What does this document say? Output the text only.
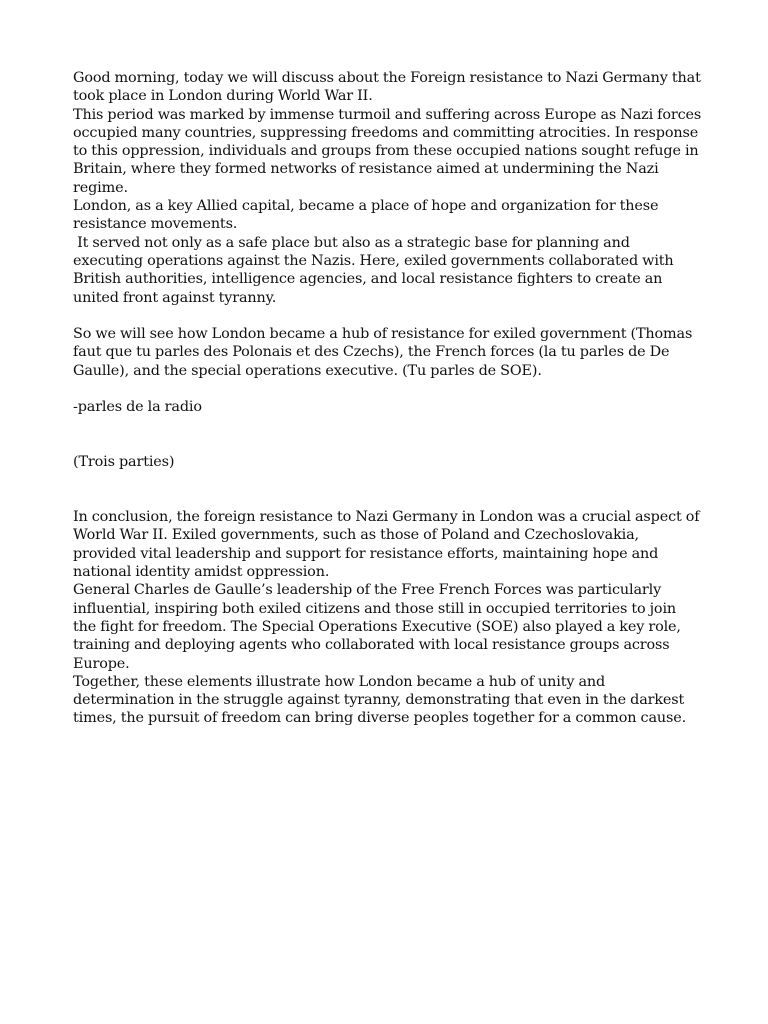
Good morning, today we will discuss about the Foreign resistance to Nazi Germany that took place in London during World War II.

This period was marked by immense turmoil and suffering across Europe as Nazi forces occupied many countries, suppressing freedoms and committing atrocities. In response to this oppression, individuals and groups from these occupied nations sought refuge in Britain, where they formed networks of resistance aimed at undermining the Nazi regime.

London, as a key Allied capital, became a place of hope and organization for these resistance movements.

It served not only as a safe place but also as a strategic base for planning and executing operations against the Nazis. Here, exiled governments collaborated with British authorities, intelligence agencies, and local resistance fighters to create an united front against tyranny.

So we will see how London became a hub of resistance for exiled government (Thomas faut que tu parles des Polonais et des Czechs), the French forces (la tu parles de De Gaulle), and the special operations executive. (Tu parles de SOE).

-parles de la radio

(Trois parties)

In conclusion, the foreign resistance to Nazi Germany in London was a crucial aspect of World War II. Exiled governments, such as those of Poland and Czechoslovakia, provided vital leadership and support for resistance efforts, maintaining hope and national identity amidst oppression.

General Charles de Gaulle’s leadership of the Free French Forces was particularly influential, inspiring both exiled citizens and those still in occupied territories to join the fight for freedom. The Special Operations Executive (SOE) also played a key role, training and deploying agents who collaborated with local resistance groups across Europe.

Together, these elements illustrate how London became a hub of unity and determination in the struggle against tyranny, demonstrating that even in the darkest times, the pursuit of freedom can bring diverse peoples together for a common cause.
